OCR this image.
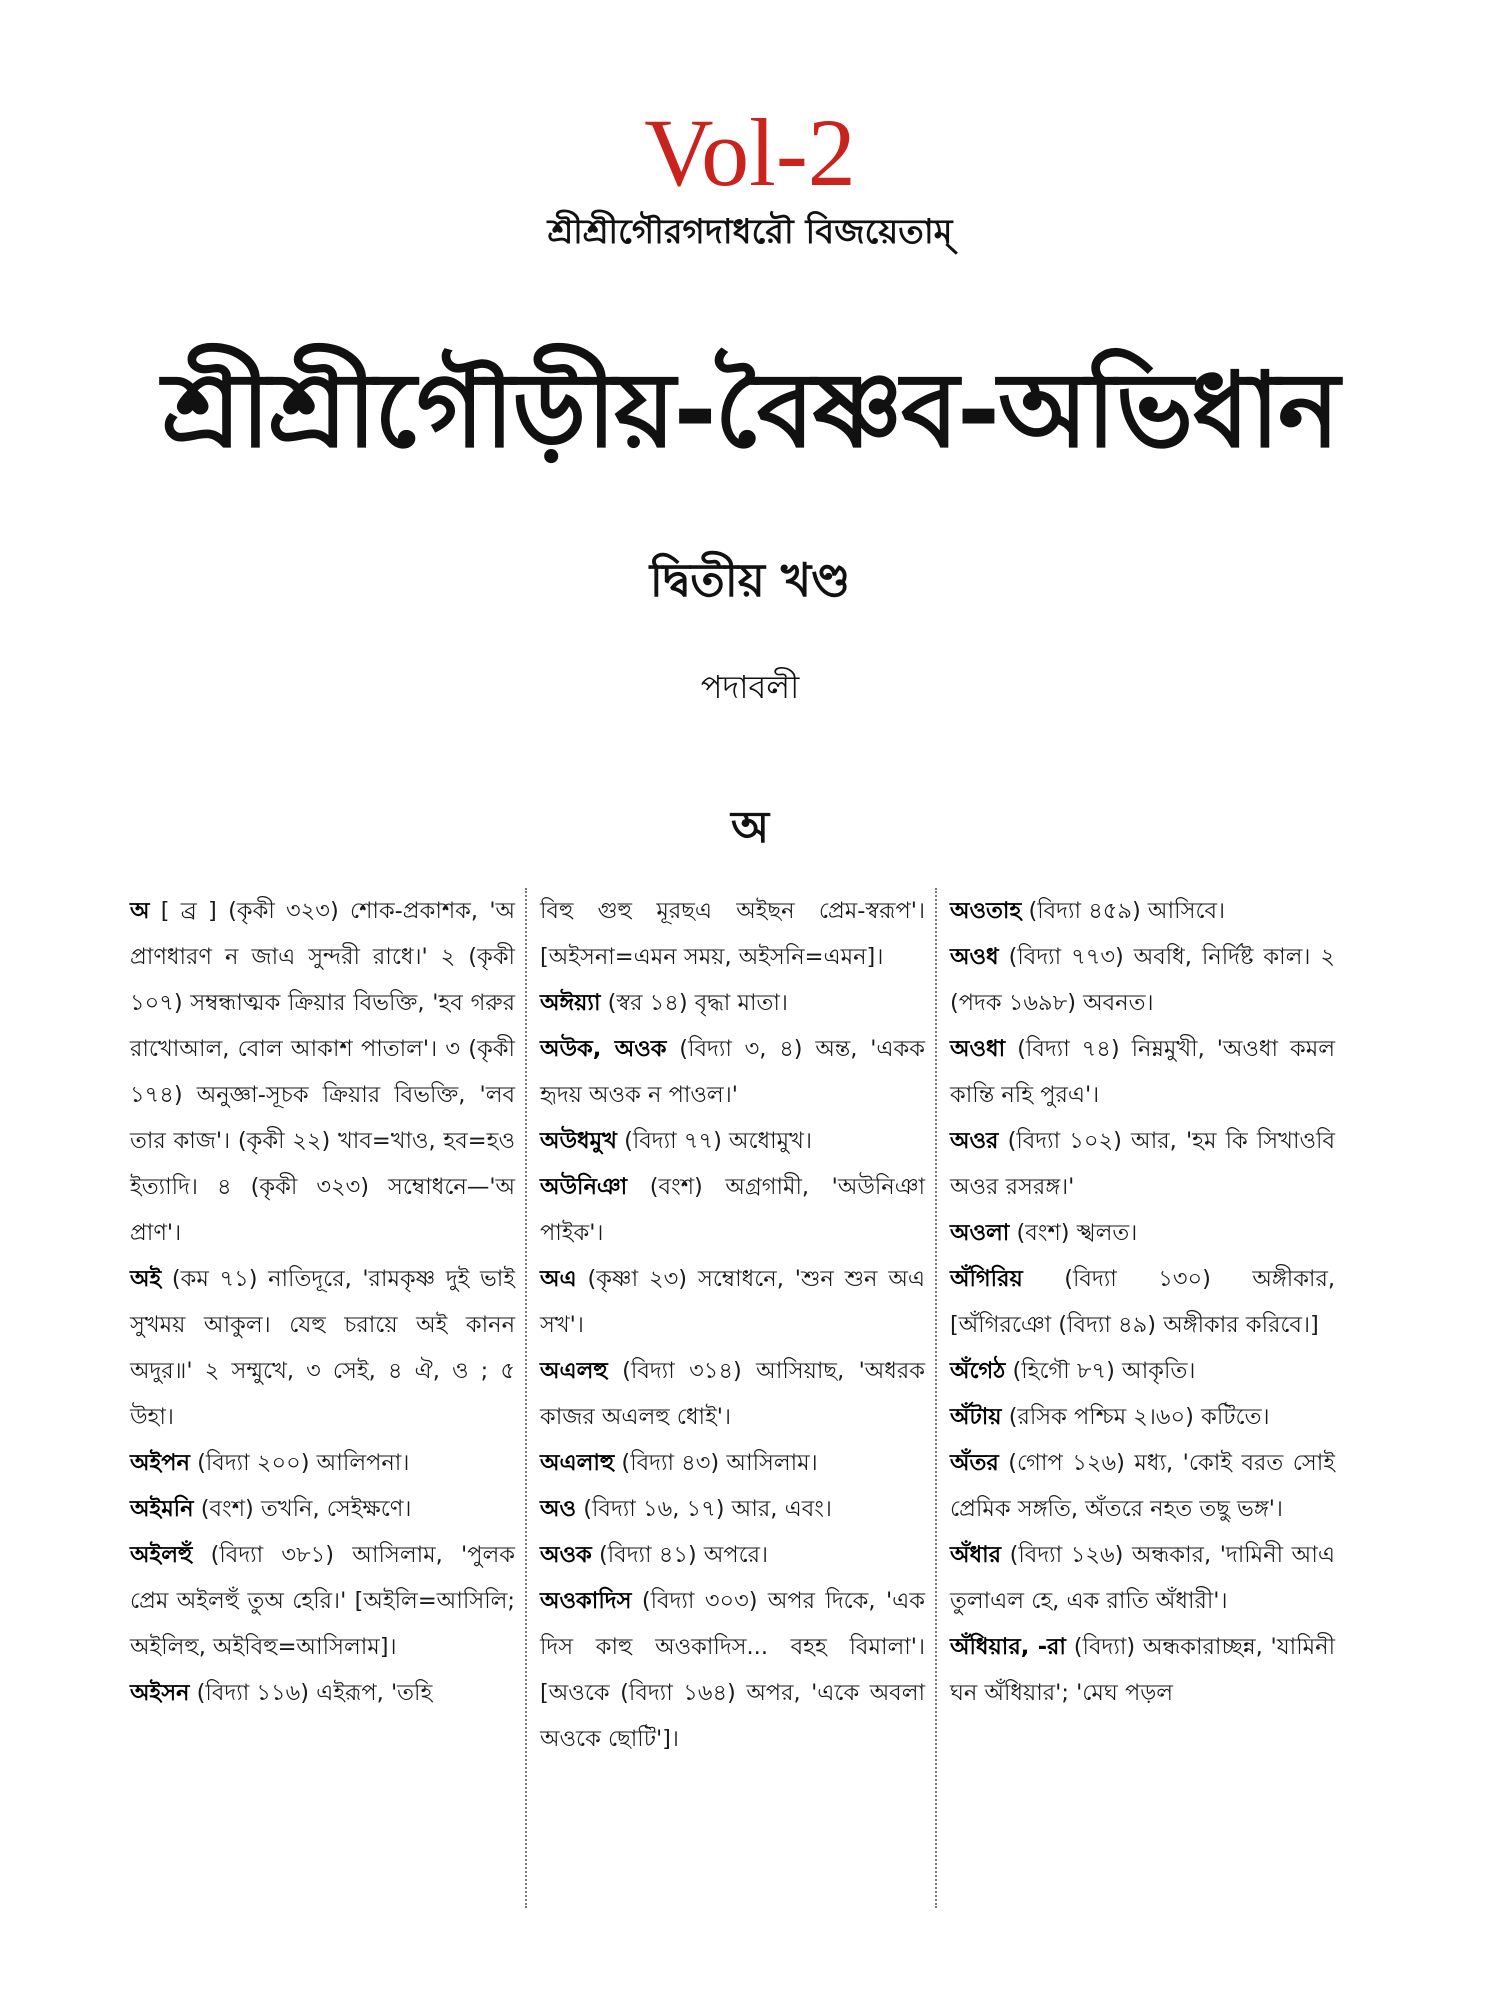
Vol-2
শ্রীশ্রীগৌরগদাধরৌ বিজয়েতাম্
শ্রীশ্রীগৌড়ীয়-বৈষ্ণব-অভিধান
দ্বিতীয় খণ্ড
পদাবলী
অ

অ [ ব্র ] (কৃকী ৩২৩) শোক-প্রকাশক, 'অ প্রাণধারণ ন জাএ সুন্দরী রাধে।' ২ (কৃকী ১০৭) সম্বন্ধাত্মক ক্রিয়ার বিভক্তি, 'হব গরুর রাখোআল, বোল আকাশ পাতাল'। ৩ (কৃকী ১৭৪) অনুজ্ঞা-সূচক ক্রিয়ার বিভক্তি, 'লব তার কাজ'। (কৃকী ২২) খাব=খাও, হব=হও ইত্যাদি। ৪ (কৃকী ৩২৩) সম্বোধনে—'অ প্রাণ'।

অই (কম ৭১) নাতিদূরে, 'রামকৃষ্ণ দুই ভাই সুখময় আকুল। যেহু চরায়ে অই কানন অদুর॥' ২ সম্মুখে, ৩ সেই, ৪ ঐ, ও ; ৫ উহা।

অইপন (বিদ্যা ২০০) আলিপনা।

অইমনি (বংশ) তখনি, সেইক্ষণে।

অইলহুঁ (বিদ্যা ৩৮১) আসিলাম, 'পুলক প্রেম অইলহুঁ তুঅ হেরি।' [অইলি=আসিলি; অইলিহু, অইবিহু=আসিলাম]।

অইসন (বিদ্যা ১১৬) এইরূপ, 'তহি

বিহু গুহু মূরছএ অইছন প্রেম-স্বরূপ'। [অইসনা=এমন সময়, অইসনি=এমন]।

অঈয়্যা (স্বর ১৪) বৃদ্ধা মাতা।

অউক, অওক (বিদ্যা ৩, ৪) অন্ত, 'একক হৃদয় অওক ন পাওল।'

অউধমুখ (বিদ্যা ৭৭) অধোমুখ।

অউনিঞা (বংশ) অগ্রগামী, 'অউনিঞা পাইক'।

অএ (কৃষ্ণা ২৩) সম্বোধনে, 'শুন শুন অএ সখ'।

অএলহু (বিদ্যা ৩১৪) আসিয়াছ, 'অধরক কাজর অএলহু ধোই'।

অএলাহু (বিদ্যা ৪৩) আসিলাম।

অও (বিদ্যা ১৬, ১৭) আর, এবং।

অওক (বিদ্যা ৪১) অপরে।

অওকাদিস (বিদ্যা ৩০৩) অপর দিকে, 'এক দিস কাহু অওকাদিস... বহহ বিমালা'। [অওকে (বিদ্যা ১৬৪) অপর, 'একে অবলা অওকে ছোটি']।

অওতাহ (বিদ্যা ৪৫৯) আসিবে।

অওধ (বিদ্যা ৭৭৩) অবধি, নির্দিষ্ট কাল। ২ (পদক ১৬৯৮) অবনত।

অওধা (বিদ্যা ৭৪) নিম্নমুখী, 'অওধা কমল কান্তি নহি পুরএ'।

অওর (বিদ্যা ১০২) আর, 'হম কি সিখাওবি অওর রসরঙ্গ।'

অওলা (বংশ) স্খলত।

অঁগিরিয় (বিদ্যা ১৩০) অঙ্গীকার, [অঁগিরঞো (বিদ্যা ৪৯) অঙ্গীকার করিবে।]

অঁগেঠ (হিগৌ ৮৭) আকৃতি।

অঁটায় (রসিক পশ্চিম ২।৬০) কটিতে।

অঁতর (গোপ ১২৬) মধ্য, 'কোই বরত সোই প্রেমিক সঙ্গতি, অঁতরে নহত তছু ভঙ্গ'।

অঁধার (বিদ্যা ১২৬) অন্ধকার, 'দামিনী আএ তুলাএল হে, এক রাতি অঁধারী'।

অঁধিয়ার, -রা (বিদ্যা) অন্ধকারাচ্ছন্ন, 'যামিনী ঘন অঁধিয়ার'; 'মেঘ পড়ল
